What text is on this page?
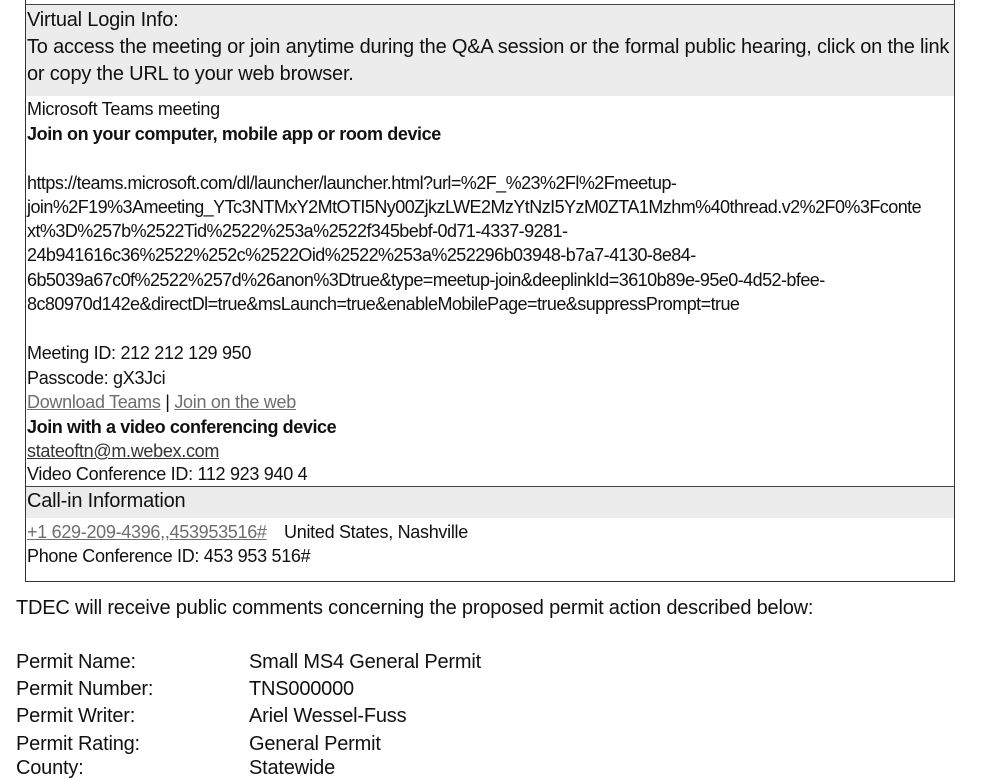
Virtual Login Info:
To access the meeting or join anytime during the Q&A session or the formal public hearing, click on the link
or copy the URL to your web browser.
Microsoft Teams meeting
Join on your computer, mobile app or room device
https://teams.microsoft.com/dl/launcher/launcher.html?url=%2F_%23%2Fl%2Fmeetup-
join%2F19%3Ameeting_YTc3NTMxY2MtOTI5Ny00ZjkzLWE2MzYtNzI5YzM0ZTA1Mzhm%40thread.v2%2F0%3Fconte
xt%3D%257b%2522Tid%2522%253a%2522f345bebf-0d71-4337-9281-
24b941616c36%2522%252c%2522Oid%2522%253a%252296b03948-b7a7-4130-8e84-
6b5039a67c0f%2522%257d%26anon%3Dtrue&type=meetup-join&deeplinkId=3610b89e-95e0-4d52-bfee-
8c80970d142e&directDl=true&msLaunch=true&enableMobilePage=true&suppressPrompt=true
Meeting ID: 212 212 129 950
Passcode: gX3Jci
Download Teams | Join on the web
Join with a video conferencing device
stateoftn@m.webex.com
Video Conference ID: 112 923 940 4
Call-in Information
+1 629-209-4396,,453953516# United States, Nashville
Phone Conference ID: 453 953 516#
TDEC will receive public comments concerning the proposed permit action described below:
Permit Name:	Small MS4 General Permit
Permit Number:	TNS000000
Permit Writer:	Ariel Wessel-Fuss
Permit Rating:	General Permit
County:	Statewide
